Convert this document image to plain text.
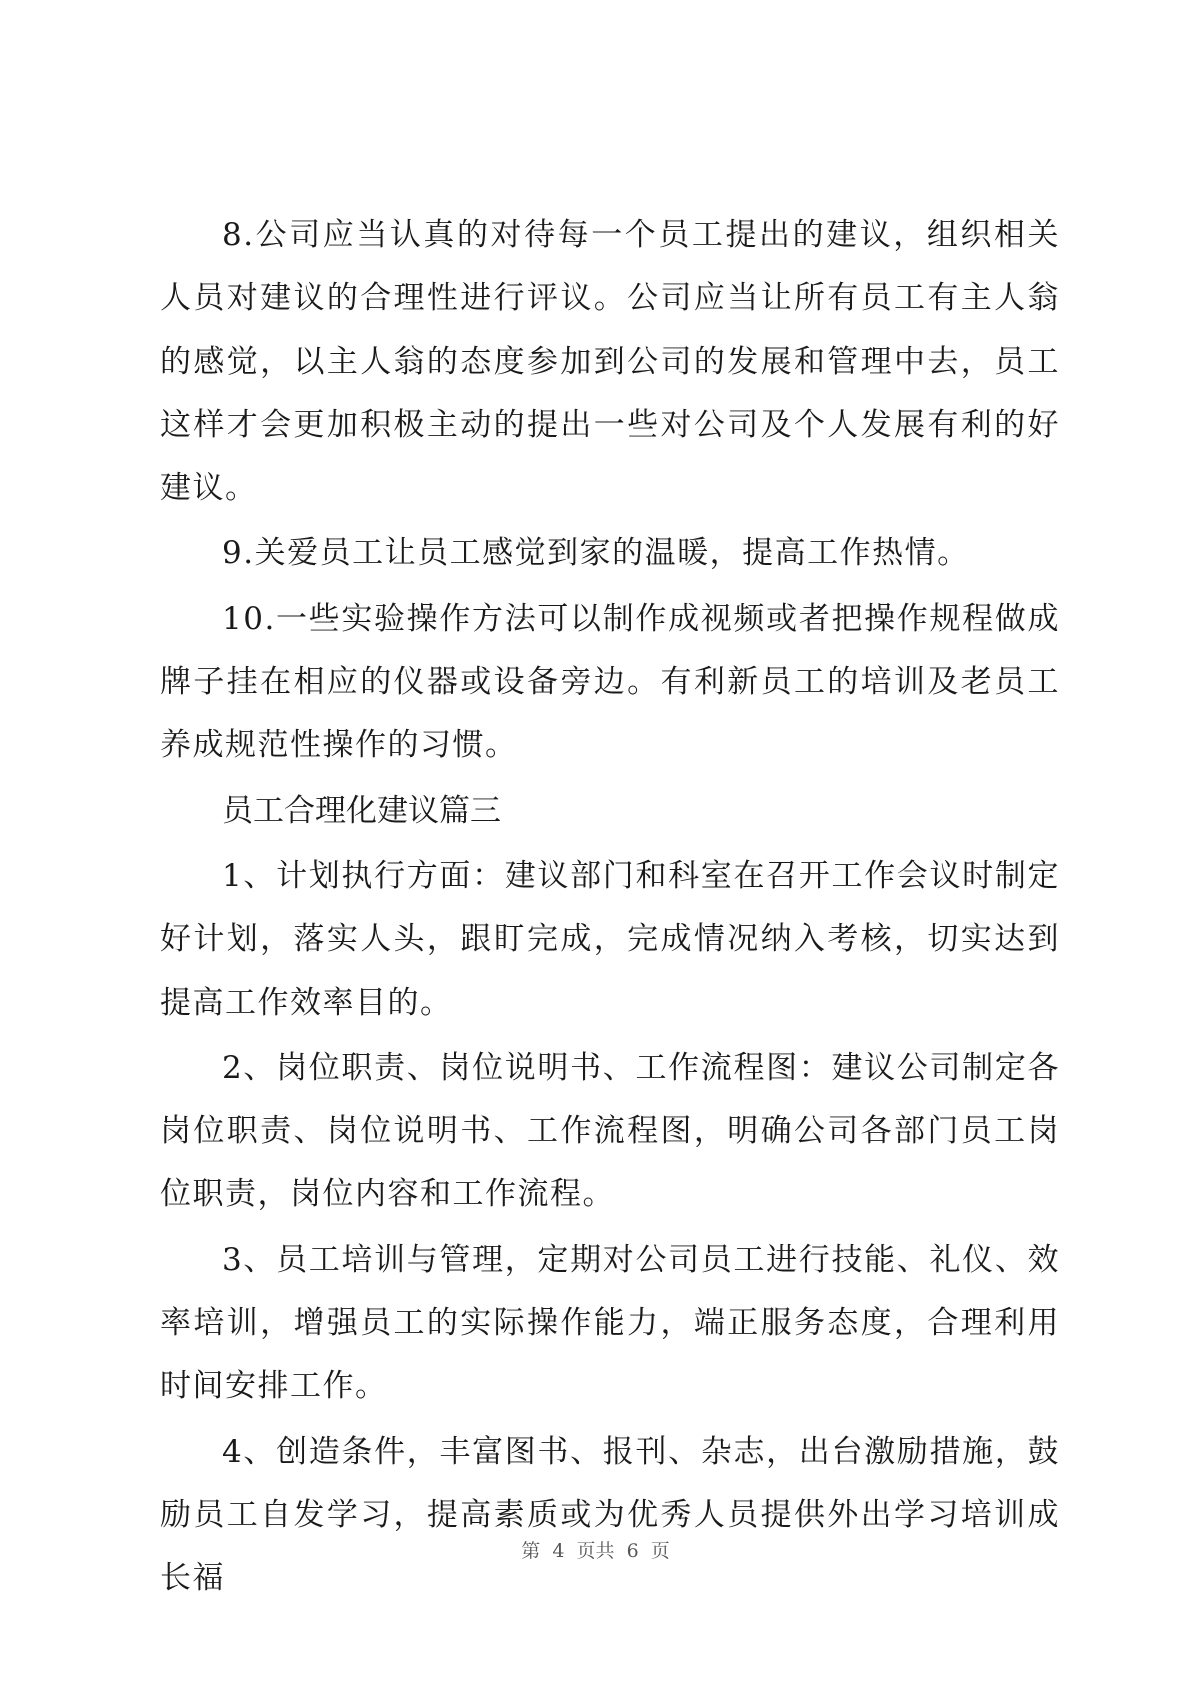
8.公司应当认真的对待每一个员工提出的建议，组织相关人员对建议的合理性进行评议。公司应当让所有员工有主人翁的感觉，以主人翁的态度参加到公司的发展和管理中去，员工这样才会更加积极主动的提出一些对公司及个人发展有利的好建议。

9.关爱员工让员工感觉到家的温暖，提高工作热情。

10.一些实验操作方法可以制作成视频或者把操作规程做成牌子挂在相应的仪器或设备旁边。有利新员工的培训及老员工养成规范性操作的习惯。

员工合理化建议篇三

1、计划执行方面：建议部门和科室在召开工作会议时制定好计划，落实人头，跟盯完成，完成情况纳入考核，切实达到提高工作效率目的。

2、岗位职责、岗位说明书、工作流程图：建议公司制定各岗位职责、岗位说明书、工作流程图，明确公司各部门员工岗位职责，岗位内容和工作流程。

3、员工培训与管理，定期对公司员工进行技能、礼仪、效率培训，增强员工的实际操作能力，端正服务态度，合理利用时间安排工作。

4、创造条件，丰富图书、报刊、杂志，出台激励措施，鼓励员工自发学习，提高素质或为优秀人员提供外出学习培训成长福

第  4  页共  6  页
